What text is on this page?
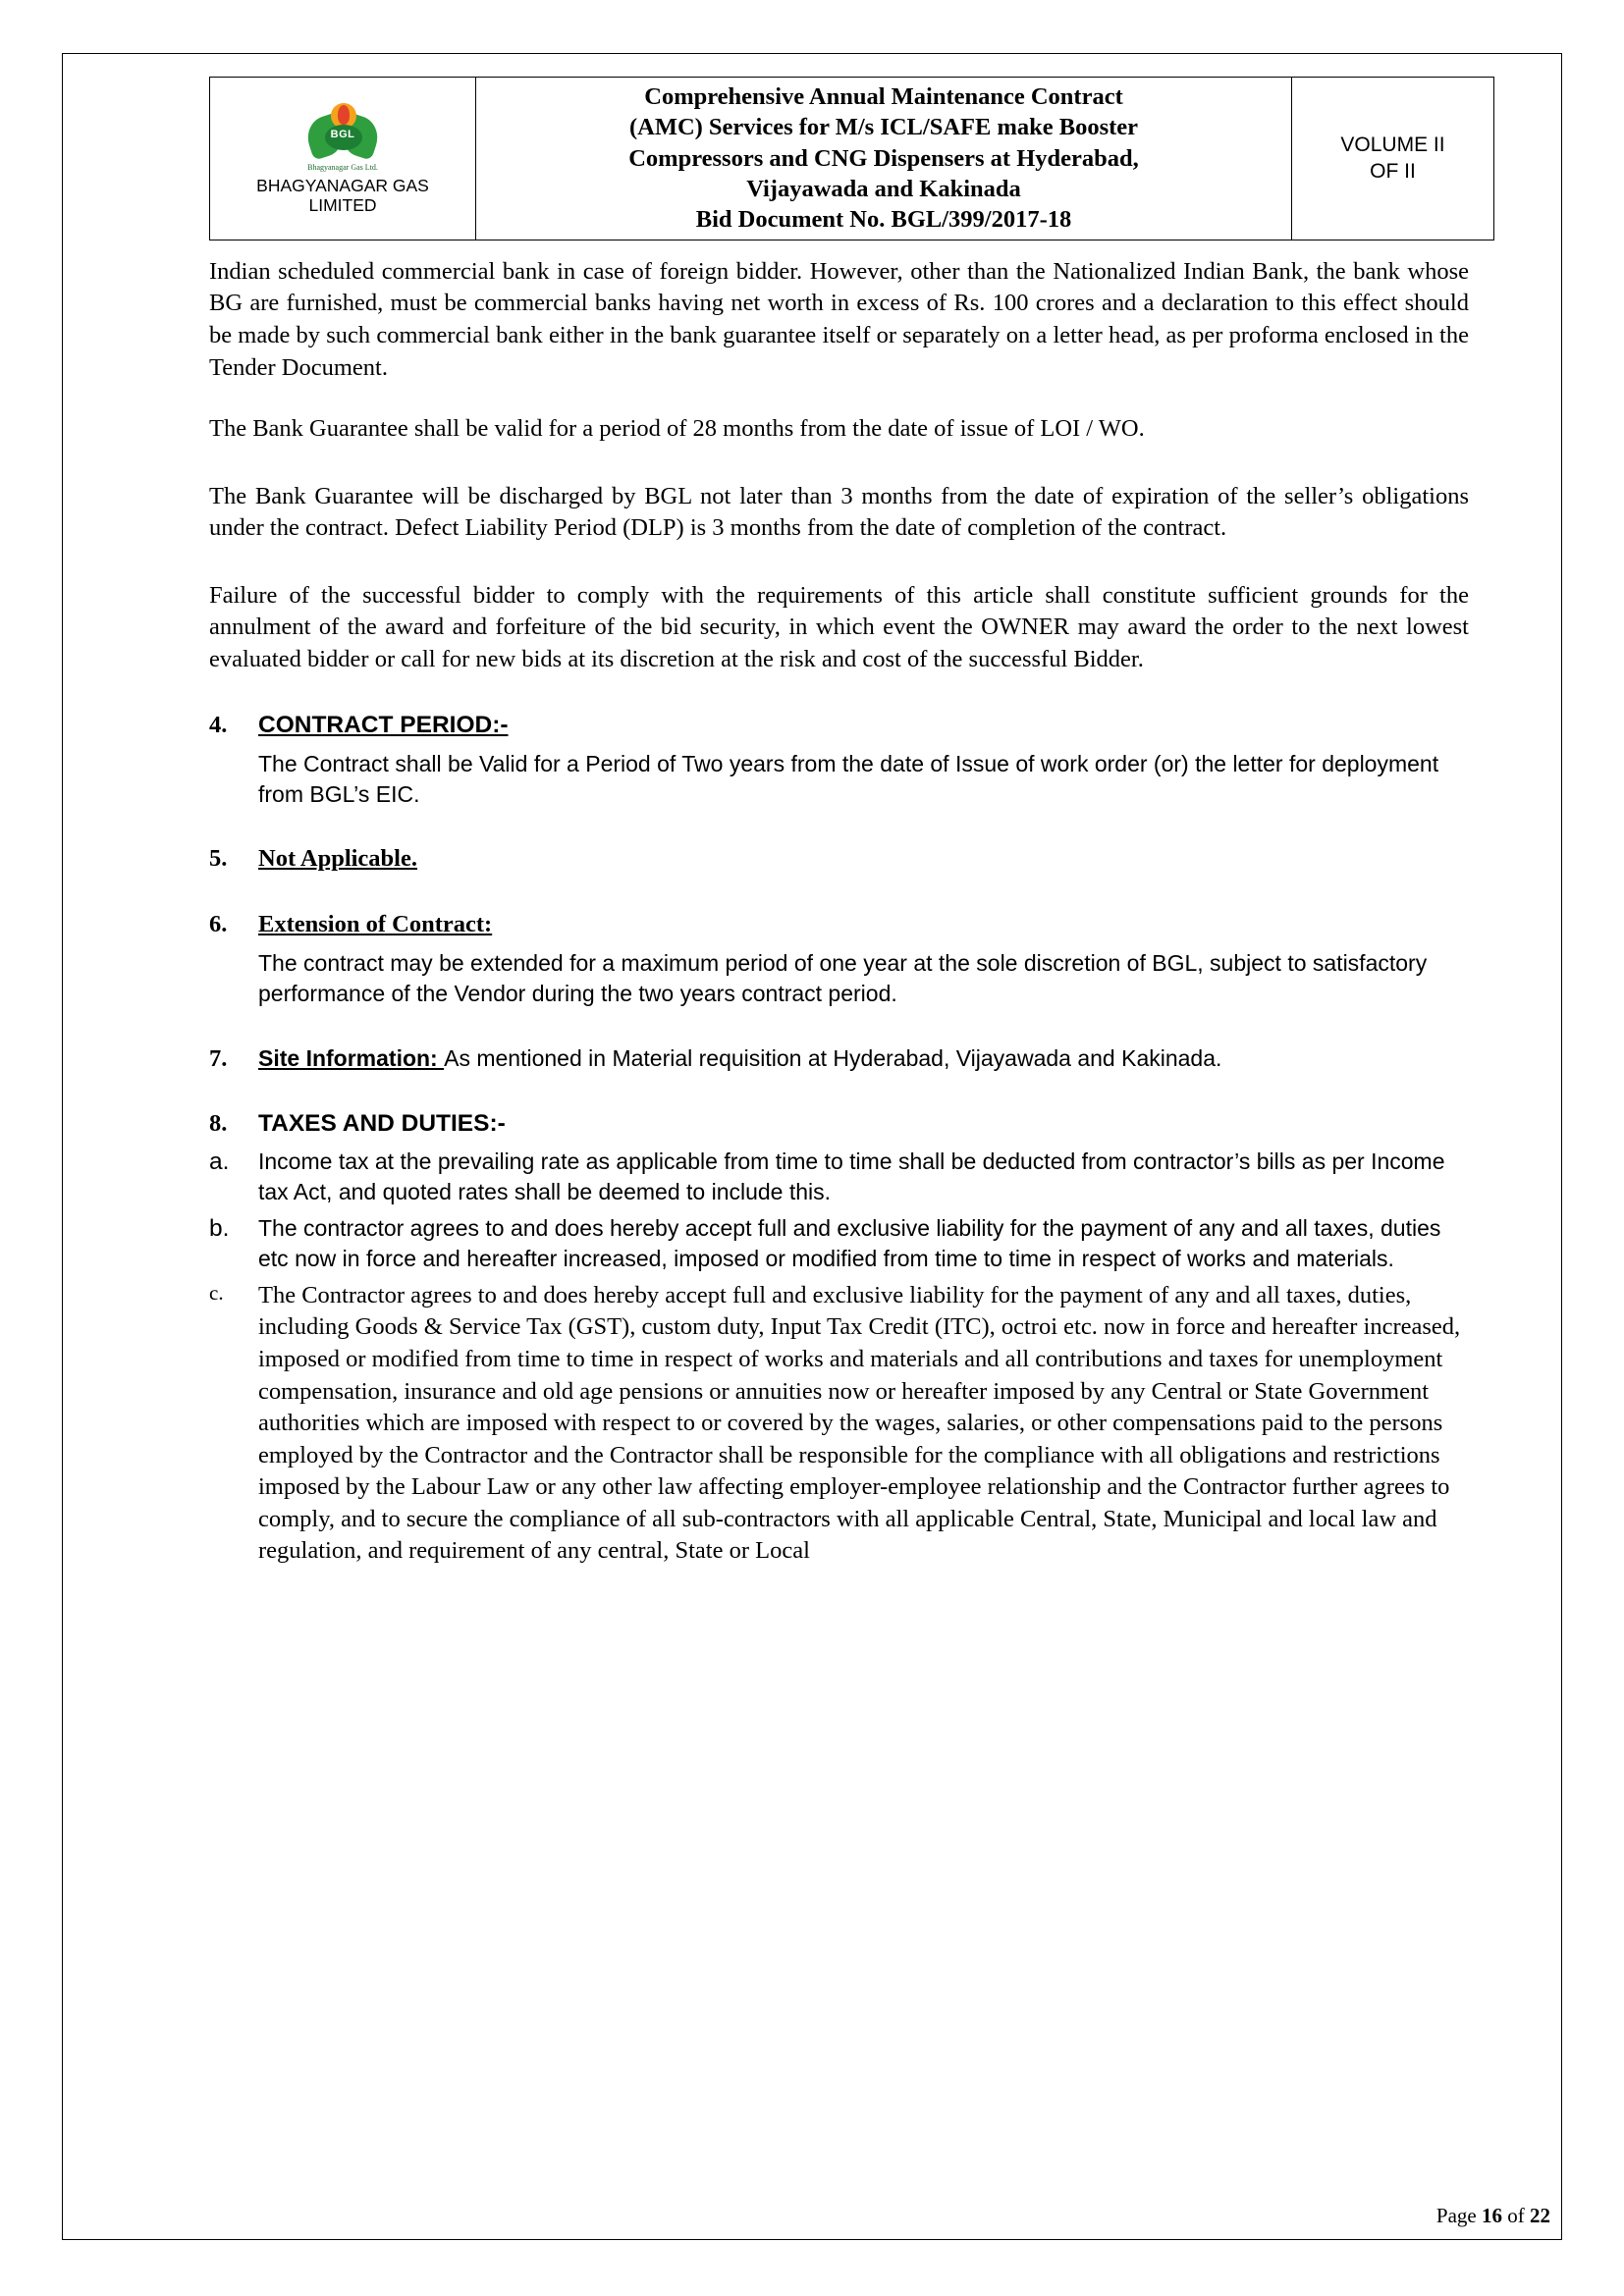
BGL
Bhagyanagar Gas Ltd.
BHAGYANAGAR GAS
LIMITED

Comprehensive Annual Maintenance Contract
(AMC) Services for M/s ICL/SAFE make Booster
Compressors and CNG Dispensers at Hyderabad,
Vijayawada and Kakinada
Bid Document No. BGL/399/2017-18

VOLUME II
OF II

Indian scheduled commercial bank in case of foreign bidder. However, other than the Nationalized Indian Bank, the bank whose BG are furnished, must be commercial banks having net worth in excess of Rs. 100 crores and a declaration to this effect should be made by such commercial bank either in the bank guarantee itself or separately on a letter head, as per proforma enclosed in the Tender Document.

The Bank Guarantee shall be valid for a period of 28 months from the date of issue of LOI / WO.

The Bank Guarantee will be discharged by BGL not later than 3 months from the date of expiration of the seller’s obligations under the contract. Defect Liability Period (DLP) is 3 months from the date of completion of the contract.

Failure of the successful bidder to comply with the requirements of this article shall constitute sufficient grounds for the annulment of the award and forfeiture of the bid security, in which event the OWNER may award the order to the next lowest evaluated bidder or call for new bids at its discretion at the risk and cost of the successful Bidder.

4.	CONTRACT PERIOD:-
The Contract shall be Valid for a Period of Two years from the date of Issue of work order (or) the letter for deployment from BGL’s EIC.
5.	Not Applicable.
6.	Extension of Contract:
The contract may be extended for a maximum period of one year at the sole discretion of BGL, subject to satisfactory performance of the Vendor during the two years contract period.
7.	Site Information: As mentioned in Material requisition at Hyderabad, Vijayawada and Kakinada.
8.	TAXES AND DUTIES:-
a.	Income tax at the prevailing rate as applicable from time to time shall be deducted from contractor’s bills as per Income tax Act, and quoted rates shall be deemed to include this.
b.	The contractor agrees to and does hereby accept full and exclusive liability for the payment of any and all taxes, duties etc now in force and hereafter increased, imposed or modified from time to time in respect of works and materials.
c.	The Contractor agrees to and does hereby accept full and exclusive liability for the payment of any and all taxes, duties, including Goods & Service Tax (GST), custom duty, Input Tax Credit (ITC), octroi etc. now in force and hereafter increased, imposed or modified from time to time in respect of works and materials and all contributions and taxes for unemployment compensation, insurance and old age pensions or annuities now or hereafter imposed by any Central or State Government authorities which are imposed with respect to or covered by the wages, salaries, or other compensations paid to the persons employed by the Contractor and the Contractor shall be responsible for the compliance with all obligations and restrictions imposed by the Labour Law or any other law affecting employer-employee relationship and the Contractor further agrees to comply, and to secure the compliance of all sub-contractors with all applicable Central, State, Municipal and local law and regulation, and requirement of any central, State or Local
Page 16 of 22
